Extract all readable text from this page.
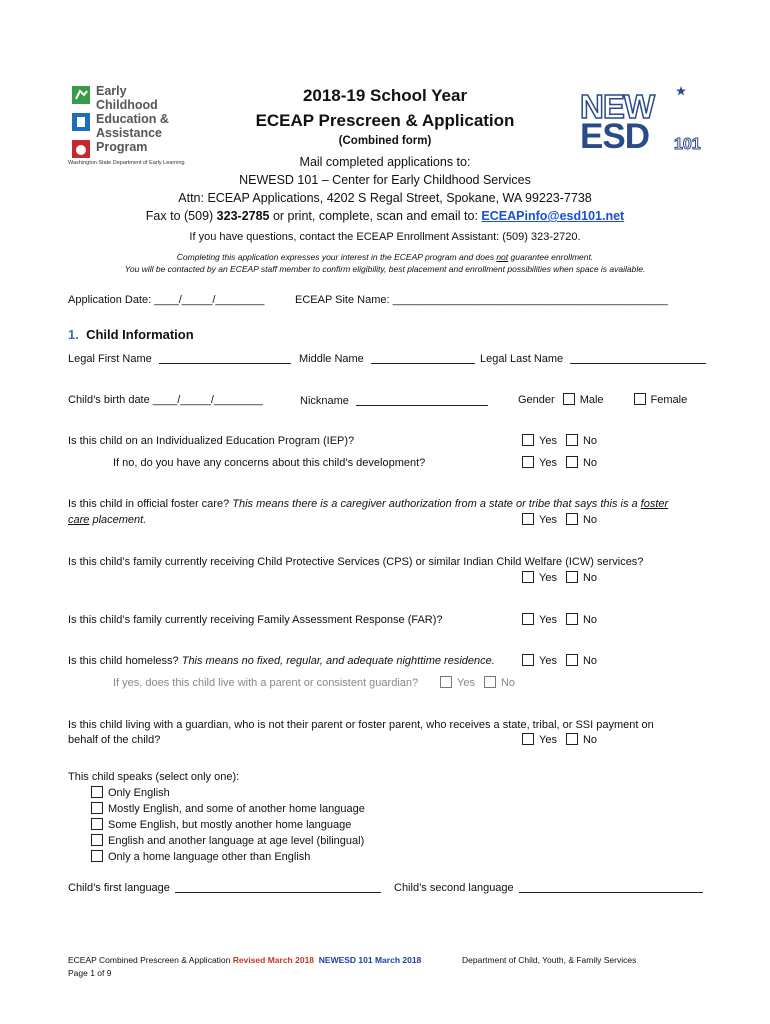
Early
Childhood
Education &
Assistance
Program
Washington State Department of Early Learning
NEW
ESD 101
2018-19 School Year
ECEAP Prescreen & Application
(Combined form)
Mail completed applications to:
NEWESD 101 – Center for Early Childhood Services
Attn: ECEAP Applications, 4202 S Regal Street, Spokane, WA 99223-7738
Fax to (509) 323-2785 or print, complete, scan and email to: ECEAPinfo@esd101.net
If you have questions, contact the ECEAP Enrollment Assistant: (509) 323-2720.
Completing this application expresses your interest in the ECEAP program and does not guarantee enrollment.
You will be contacted by an ECEAP staff member to confirm eligibility, best placement and enrollment possibilities when space is available.
Application Date: ____/_____/________	ECEAP Site Name: _____________________________________________
1. Child Information
Legal First Name	Middle Name	Legal Last Name
Child’s birth date ____/_____/________	Nickname	Gender Male	Female
Is this child on an Individualized Education Program (IEP)?	Yes No
If no, do you have any concerns about this child’s development?	Yes No
Is this child in official foster care? This means there is a caregiver authorization from a state or tribe that says this is a foster
care placement.	Yes No
Is this child’s family currently receiving Child Protective Services (CPS) or similar Indian Child Welfare (ICW) services?
Yes No
Is this child’s family currently receiving Family Assessment Response (FAR)?	Yes No
Is this child homeless? This means no fixed, regular, and adequate nighttime residence.	Yes No
If yes, does this child live with a parent or consistent guardian?	Yes No
Is this child living with a guardian, who is not their parent or foster parent, who receives a state, tribal, or SSI payment on
behalf of the child?	Yes No
This child speaks (select only one):
Only English
Mostly English, and some of another home language
Some English, but mostly another home language
English and another language at age level (bilingual)
Only a home language other than English
Child’s first language	Child’s second language
ECEAP Combined Prescreen & Application Revised March 2018 NEWESD 101 March 2018	Department of Child, Youth, & Family Services
Page 1 of 9
